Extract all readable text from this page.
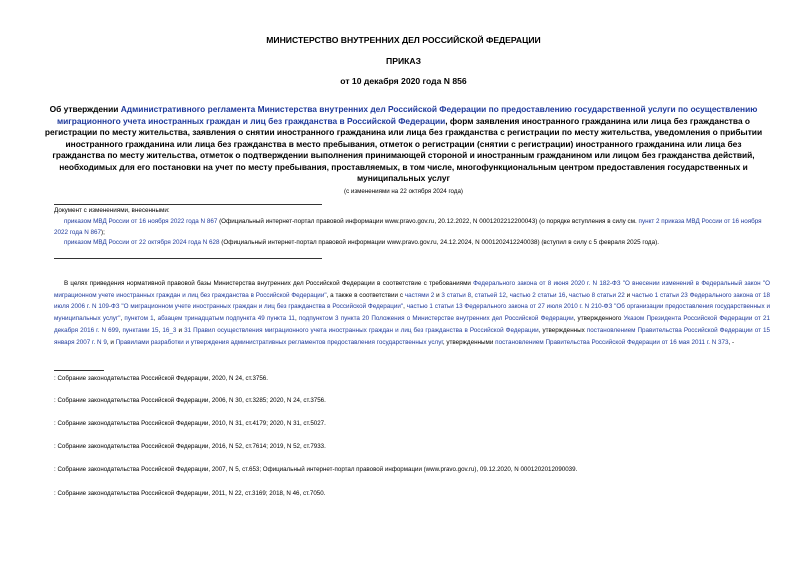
МИНИСТЕРСТВО ВНУТРЕННИХ ДЕЛ РОССИЙСКОЙ ФЕДЕРАЦИИ
ПРИКАЗ
от 10 декабря 2020 года N 856
Об утверждении Административного регламента Министерства внутренних дел Российской Федерации по предоставлению государственной услуги по осуществлению миграционного учета иностранных граждан и лиц без гражданства в Российской Федерации, форм заявления иностранного гражданина или лица без гражданства о регистрации по месту жительства, заявления о снятии иностранного гражданина или лица без гражданства с регистрации по месту жительства, уведомления о прибытии иностранного гражданина или лица без гражданства в место пребывания, отметок о регистрации (снятии с регистрации) иностранного гражданина или лица без гражданства по месту жительства, отметок о подтверждении выполнения принимающей стороной и иностранным гражданином или лицом без гражданства действий, необходимых для его постановки на учет по месту пребывания, проставляемых, в том числе, многофункциональным центром предоставления государственных и муниципальных услуг
(с изменениями на 22 октября 2024 года)
Документ с изменениями, внесенными:
приказом МВД России от 16 ноября 2022 года N 867 (Официальный интернет-портал правовой информации www.pravo.gov.ru, 20.12.2022, N 0001202212200043) (о порядке вступления в силу см. пункт 2 приказа МВД России от 16 ноября 2022 года N 867);
приказом МВД России от 22 октября 2024 года N 628 (Официальный интернет-портал правовой информации www.pravo.gov.ru, 24.12.2024, N 0001202412240038) (вступил в силу с 5 февраля 2025 года).
В целях приведения нормативной правовой базы Министерства внутренних дел Российской Федерации в соответствие с требованиями Федерального закона от 8 июня 2020 г. N 182-ФЗ "О внесении изменений в Федеральный закон "О миграционном учете иностранных граждан и лиц без гражданства в Российской Федерации", а также в соответствии с частями 2 и 3 статьи 8, статьей 12, частью 2 статьи 16, частью 8 статьи 22 и частью 1 статьи 23 Федерального закона от 18 июля 2006 г. N 109-ФЗ "О миграционном учете иностранных граждан и лиц без гражданства в Российской Федерации", частью 1 статьи 13 Федерального закона от 27 июля 2010 г. N 210-ФЗ "Об организации предоставления государственных и муниципальных услуг", пунктом 1, абзацем тринадцатым подпункта 49 пункта 11, подпунктом 3 пункта 20 Положения о Министерстве внутренних дел Российской Федерации, утвержденного Указом Президента Российской Федерации от 21 декабря 2016 г. N 699, пунктами 15, 16_3 и 31 Правил осуществления миграционного учета иностранных граждан и лиц без гражданства в Российской Федерации, утвержденных постановлением Правительства Российской Федерации от 15 января 2007 г. N 9, и Правилами разработки и утверждения административных регламентов предоставления государственных услуг, утвержденными постановлением Правительства Российской Федерации от 16 мая 2011 г. N 373, -
: Собрание законодательства Российской Федерации, 2020, N 24, ст.3756.
: Собрание законодательства Российской Федерации, 2006, N 30, ст.3285; 2020, N 24, ст.3756.
: Собрание законодательства Российской Федерации, 2010, N 31, ст.4179; 2020, N 31, ст.5027.
: Собрание законодательства Российской Федерации, 2016, N 52, ст.7614; 2019, N 52, ст.7933.
: Собрание законодательства Российской Федерации, 2007, N 5, ст.653; Официальный интернет-портал правовой информации (www.pravo.gov.ru), 09.12.2020, N 0001202012090039.
: Собрание законодательства Российской Федерации, 2011, N 22, ст.3169; 2018, N 46, ст.7050.
